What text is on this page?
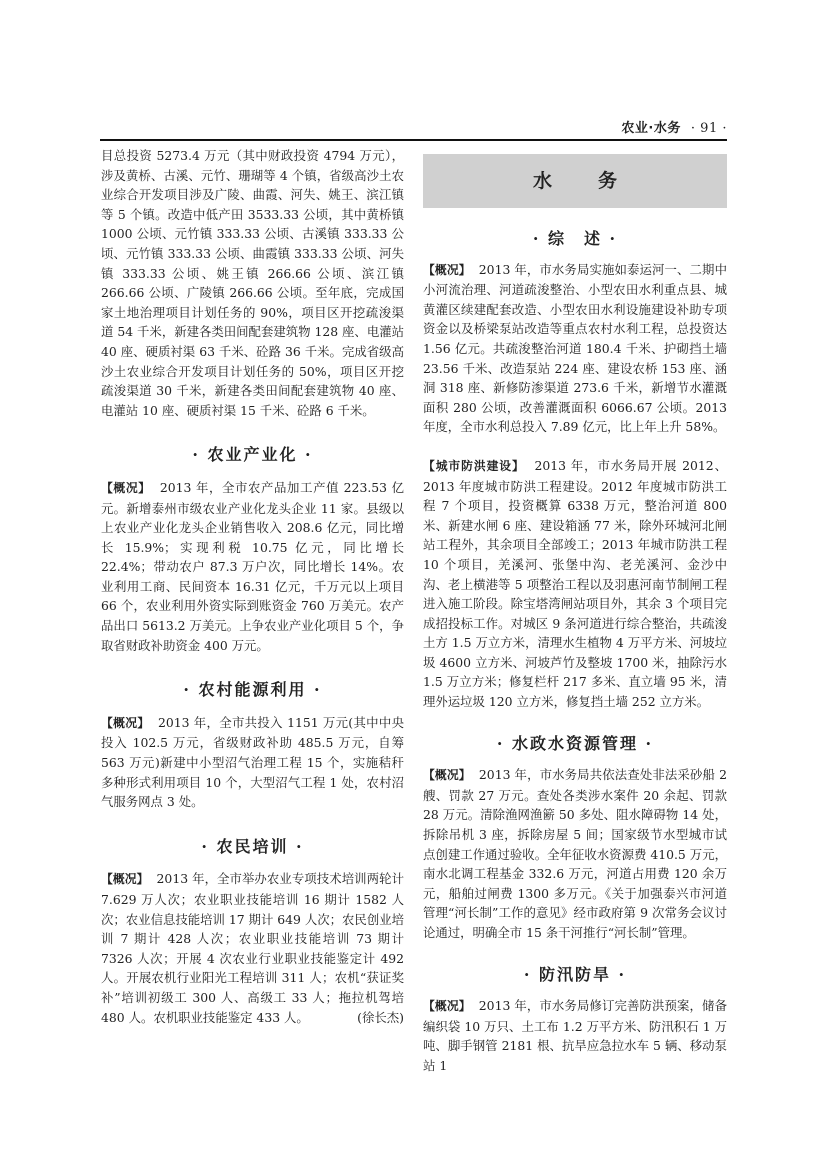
农业·水务 · 91 ·

目总投资 5273.4 万元（其中财政投资 4794 万元），涉及黄桥、古溪、元竹、珊瑚等 4 个镇，省级高沙土农业综合开发项目涉及广陵、曲霞、河失、姚王、滨江镇等 5 个镇。改造中低产田 3533.33 公顷，其中黄桥镇 1000 公顷、元竹镇 333.33 公顷、古溪镇 333.33 公顷、元竹镇 333.33 公顷、曲霞镇 333.33 公顷、河失镇 333.33 公顷、姚王镇 266.66 公顷、滨江镇 266.66 公顷、广陵镇 266.66 公顷。至年底，完成国家土地治理项目计划任务的 90%，项目区开挖疏浚渠道 54 千米，新建各类田间配套建筑物 128 座、电灌站 40 座、硬质衬渠 63 千米、砼路 36 千米。完成省级高沙土农业综合开发项目计划任务的 50%，项目区开挖疏浚渠道 30 千米，新建各类田间配套建筑物 40 座、电灌站 10 座、硬质衬渠 15 千米、砼路 6 千米。

· 农业产业化 ·

【概况】 2013 年，全市农产品加工产值 223.53 亿元。新增泰州市级农业产业化龙头企业 11 家。县级以上农业产业化龙头企业销售收入 208.6 亿元，同比增长 15.9%；实现利税 10.75 亿元，同比增长 22.4%；带动农户 87.3 万户次，同比增长 14%。农业利用工商、民间资本 16.31 亿元，千万元以上项目 66 个，农业利用外资实际到账资金 760 万美元。农产品出口 5613.2 万美元。上争农业产业化项目 5 个，争取省财政补助资金 400 万元。

· 农村能源利用 ·

【概况】 2013 年，全市共投入 1151 万元(其中中央投入 102.5 万元，省级财政补助 485.5 万元，自筹 563 万元)新建中小型沼气治理工程 15 个，实施秸秆多种形式利用项目 10 个，大型沼气工程 1 处，农村沼气服务网点 3 处。

· 农民培训 ·

【概况】 2013 年，全市举办农业专项技术培训两轮计 7.629 万人次；农业职业技能培训 16 期计 1582 人次；农业信息技能培训 17 期计 649 人次；农民创业培训 7 期计 428 人次；农业职业技能培训 73 期计 7326 人次；开展 4 次农业行业职业技能鉴定计 492 人。开展农机行业阳光工程培训 311 人；农机“获证奖补”培训初级工 300 人、高级工 33 人；拖拉机驾培 480 人。农机职业技能鉴定 433 人。	(徐长杰)

水 务
· 综　述 ·

【概况】 2013 年，市水务局实施如泰运河一、二期中小河流治理、河道疏浚整治、小型农田水利重点县、城黄灌区续建配套改造、小型农田水利设施建设补助专项资金以及桥梁泵站改造等重点农村水利工程，总投资达 1.56 亿元。共疏浚整治河道 180.4 千米、护砌挡土墙 23.56 千米、改造泵站 224 座、建设农桥 153 座、涵洞 318 座、新修防渗渠道 273.6 千米，新增节水灌溉面积 280 公顷，改善灌溉面积 6066.67 公顷。2013 年度，全市水利总投入 7.89 亿元，比上年上升 58%。

【城市防洪建设】 2013 年，市水务局开展 2012、2013 年度城市防洪工程建设。2012 年度城市防洪工程 7 个项目，投资概算 6338 万元，整治河道 800 米、新建水闸 6 座、建设箱涵 77 米，除外环城河北闸站工程外，其余项目全部竣工；2013 年城市防洪工程 10 个项目，羌溪河、张堡中沟、老羌溪河、金沙中沟、老上横港等 5 项整治工程以及羽惠河南节制闸工程进入施工阶段。除宝塔湾闸站项目外，其余 3 个项目完成招投标工作。对城区 9 条河道进行综合整治，共疏浚土方 1.5 万立方米，清理水生植物 4 万平方米、河坡垃圾 4600 立方米、河坡芦竹及整坡 1700 米，抽除污水 1.5 万立方米；修复栏杆 217 多米、直立墙 95 米，清理外运垃圾 120 立方米，修复挡土墙 252 立方米。

· 水政水资源管理 ·

【概况】 2013 年，市水务局共依法查处非法采砂船 2 艘、罚款 27 万元。查处各类涉水案件 20 余起、罚款 28 万元。清除渔网渔簖 50 多处、阻水障碍物 14 处，拆除吊机 3 座，拆除房屋 5 间；国家级节水型城市试点创建工作通过验收。全年征收水资源费 410.5 万元，南水北调工程基金 332.6 万元，河道占用费 120 余万元，船舶过闸费 1300 多万元。《关于加强泰兴市河道管理“河长制”工作的意见》经市政府第 9 次常务会议讨论通过，明确全市 15 条干河推行“河长制”管理。

· 防汛防旱 ·

【概况】 2013 年，市水务局修订完善防洪预案，储备编织袋 10 万只、土工布 1.2 万平方米、防汛积石 1 万吨、脚手钢管 2181 根、抗旱应急拉水车 5 辆、移动泵站 1
